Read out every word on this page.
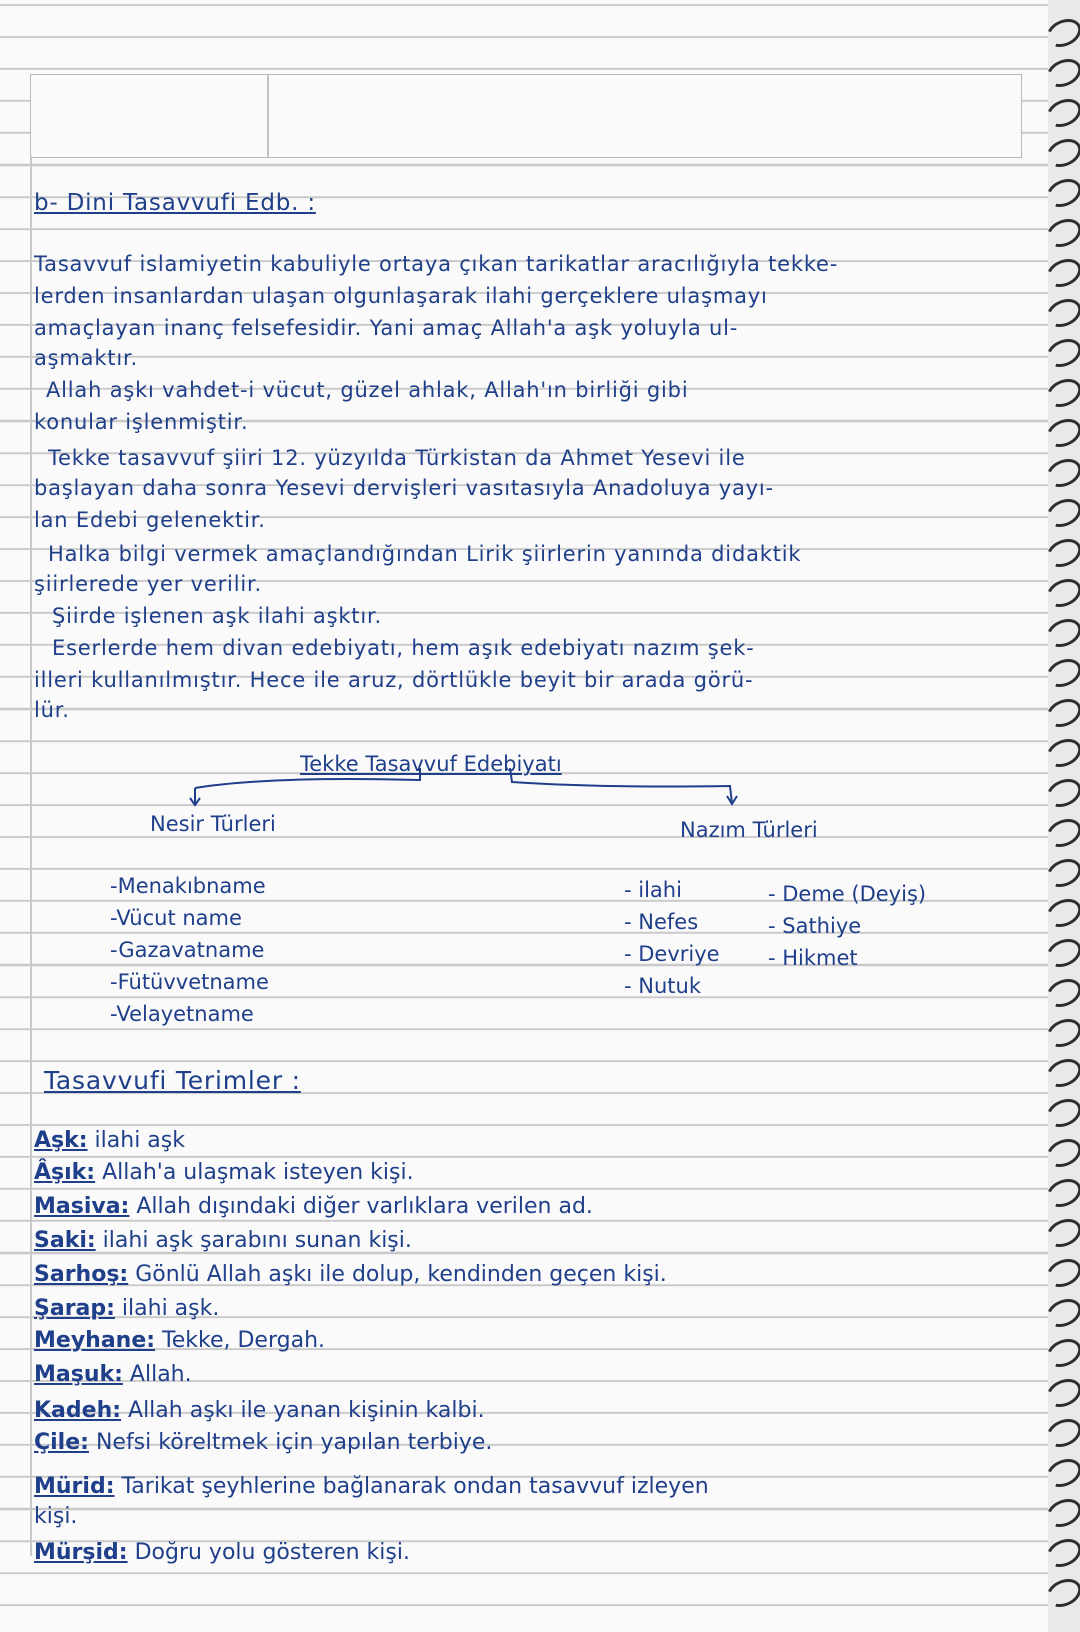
b- Dini Tasavvufi Edb. :
Tasavvuf islamiyetin kabuliyle ortaya çıkan tarikatlar aracılığıyla tekke-
lerden insanlardan ulaşan olgunlaşarak ilahi gerçeklere ulaşmayı
amaçlayan inanç felsefesidir. Yani amaç Allah'a aşk yoluyla ul-
aşmaktır.
Allah aşkı vahdet-i vücut, güzel ahlak, Allah'ın birliği gibi
konular işlenmiştir.
Tekke tasavvuf şiiri 12. yüzyılda Türkistan da Ahmet Yesevi ile
başlayan daha sonra Yesevi dervişleri vasıtasıyla Anadoluya yayı-
lan Edebi gelenektir.
Halka bilgi vermek amaçlandığından Lirik şiirlerin yanında didaktik
şiirlerede yer verilir.
Şiirde işlenen aşk ilahi aşktır.
Eserlerde hem divan edebiyatı, hem aşık edebiyatı nazım şek-
illeri kullanılmıştır. Hece ile aruz, dörtlükle beyit bir arada görü-
lür.
Tekke Tasavvuf Edebiyatı
Nesir Türleri	Nazım Türleri
-Menakıbname
-Vücut name
-Gazavatname
-Fütüvvetname
-Velayetname
- ilahi
- Nefes
- Devriye
- Nutuk
- Deme (Deyiş)
- Sathiye
- Hikmet
Tasavvufi Terimler :
Aşk: ilahi aşk
Âşık: Allah'a ulaşmak isteyen kişi.
Masiva: Allah dışındaki diğer varlıklara verilen ad.
Saki: ilahi aşk şarabını sunan kişi.
Sarhoş: Gönlü Allah aşkı ile dolup, kendinden geçen kişi.
Şarap: ilahi aşk.
Meyhane: Tekke, Dergah.
Maşuk: Allah.
Kadeh: Allah aşkı ile yanan kişinin kalbi.
Çile: Nefsi köreltmek için yapılan terbiye.
Mürid: Tarikat şeyhlerine bağlanarak ondan tasavvuf izleyen
kişi.
Mürşid: Doğru yolu gösteren kişi.
